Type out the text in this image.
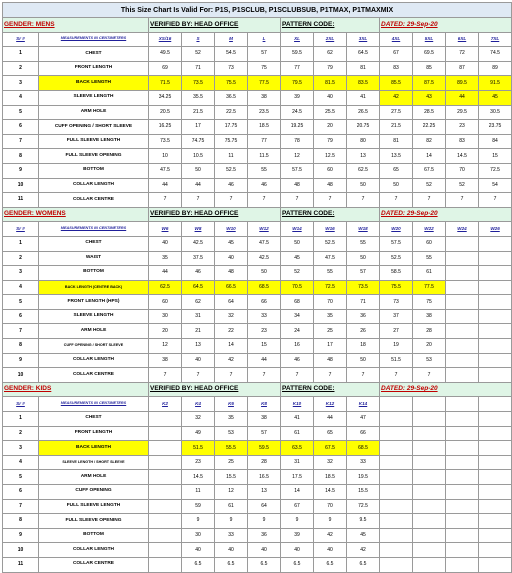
This Size Chart Is Valid For: P1S, P1SCLUB, P1SCLUBSUB, P1TMAX, P1TMAXMIX												
GENDER: MENS		VERIFIED BY: HEAD OFFICE				PATTERN CODE:			DATED: 29-Sep-20			
Sr #	MEASUREMENTS IN CENTIMETERS	XS/16	S	M	L	XL	2XL	3XL	4XL	5XL	6XL	7XL
1	CHEST	49.5	52	54.5	57	59.5	62	64.5	67	69.5	72	74.5
2	FRONT LENGTH	69	71	73	75	77	79	81	83	85	87	89
3	BACK LENGTH	71.5	73.5	75.5	77.5	79.5	81.5	83.5	85.5	87.5	89.5	91.5
4	SLEEVE LENGTH	34.25	35.5	36.5	38	39	40	41	42	43	44	45
5	ARM HOLE	20.5	21.5	22.5	23.5	24.5	25.5	26.5	27.5	28.5	29.5	30.5
6	CUFF OPENING / SHORT SLEEVE	16.25	17	17.75	18.5	19.25	20	20.75	21.5	22.25	23	23.75
7	FULL SLEEVE LENGTH	73.5	74.75	75.75	77	78	79	80	81	82	83	84
8	FULL SLEEVE OPENING	10	10.5	11	11.5	12	12.5	13	13.5	14	14.5	15
9	BOTTOM	47.5	50	52.5	55	57.5	60	62.5	65	67.5	70	72.5
10	COLLAR LENGTH	44	44	46	46	48	48	50	50	52	52	54
11	COLLAR CENTRE	7	7	7	7	7	7	7	7	7	7	7
GENDER: WOMENS		VERIFIED BY: HEAD OFFICE				PATTERN CODE:			DATED: 29-Sep-20			
Sr #	MEASUREMENTS IN CENTIMETERS	W6	W8	W10	W12	W14	W16	W18	W20	W22	W24	W26
1	CHEST	40	42.5	45	47.5	50	52.5	55	57.5	60		
2	WAIST	35	37.5	40	42.5	45	47.5	50	52.5	55		
3	BOTTOM	44	46	48	50	52	55	57	58.5	61		
4	BACK LENGTH (CENTRE BACK)	62.5	64.5	66.5	68.5	70.5	72.5	73.5	75.5	77.5		
5	FRONT LENGTH (HPS)	60	62	64	66	68	70	71	73	75		
6	SLEEVE LENGTH	30	31	32	33	34	35	36	37	38		
7	ARM HOLE	20	21	22	23	24	25	26	27	28		
8	CUFF OPENING / SHORT SLEEVE	12	13	14	15	16	17	18	19	20		
9	COLLAR LENGTH	38	40	42	44	46	48	50	51.5	53		
10	COLLAR CENTRE	7	7	7	7	7	7	7	7	7		
GENDER: KIDS		VERIFIED BY: HEAD OFFICE				PATTERN CODE:			DATED: 29-Sep-20			
Sr #	MEASUREMENTS IN CENTIMETERS	K2	K4	K6	K8	K10	K12	K14				
1	CHEST		32	35	38	41	44	47				
2	FRONT LENGTH		49	53	57	61	65	66				
3	BACK LENGTH		51.5	55.5	59.5	63.5	67.5	68.5				
4	SLEEVE LENGTH / SHORT SLEEVE		23	25	28	31	32	33				
5	ARM HOLE		14.5	15.5	16.5	17.5	18.5	19.5				
6	CUFF OPENING		11	12	13	14	14.5	15.5				
7	FULL SLEEVE LENGTH		59	61	64	67	70	72.5				
8	FULL SLEEVE OPENING		9	9	9	9	9	9.5				
9	BOTTOM		30	33	36	39	42	45				
10	COLLAR LENGTH		40	40	40	40	40	42				
11	COLLAR CENTRE		6.5	6.5	6.5	6.5	6.5	6.5				
